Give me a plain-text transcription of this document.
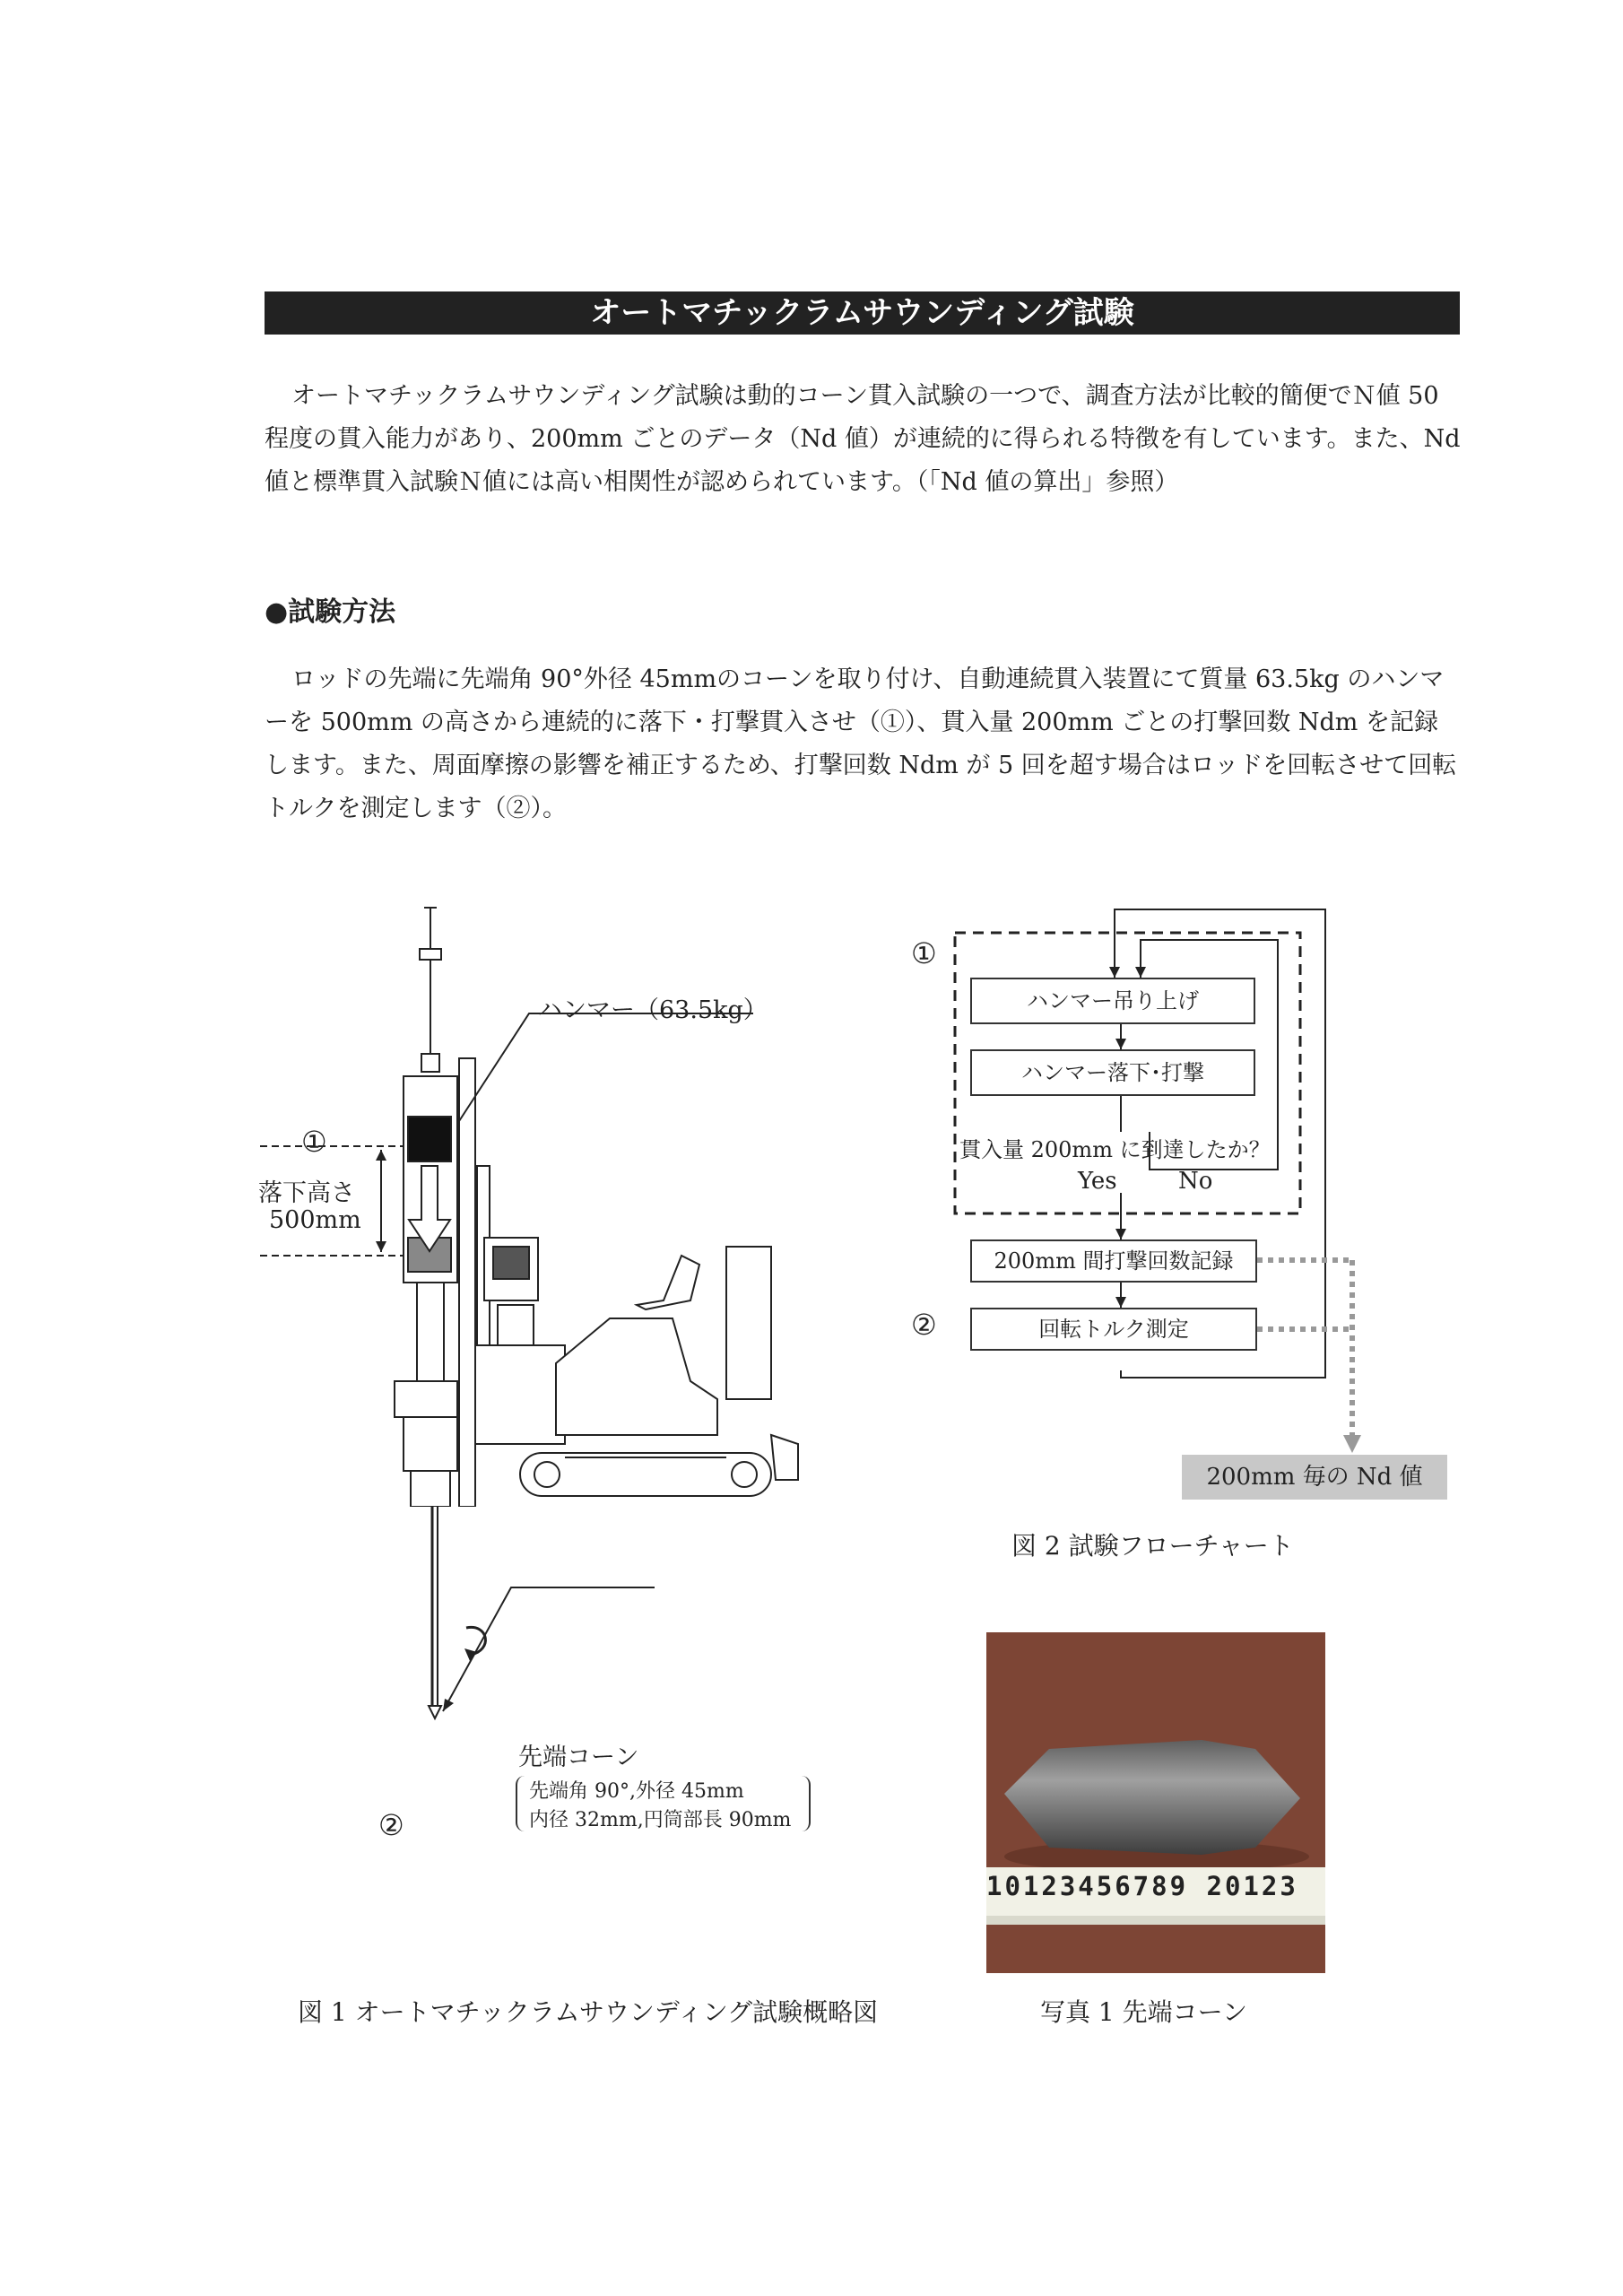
オートマチックラムサウンディング試験
オートマチックラムサウンディング試験は動的コーン貫入試験の一つで、調査方法が比較的簡便でＮ値 50 程度の貫入能力があり、200mm ごとのデータ（Nd 値）が連続的に得られる特徴を有しています。また、Nd 値と標準貫入試験Ｎ値には高い相関性が認められています。（「Nd 値の算出」参照）
●試験方法
ロッドの先端に先端角 90°外径 45mmのコーンを取り付け、自動連続貫入装置にて質量 63.5kg のハンマーを 500mm の高さから連続的に落下・打撃貫入させ（①）、貫入量 200mm ごとの打撃回数 Ndm を記録します。また、周面摩擦の影響を補正するため、打撃回数 Ndm が 5 回を超す場合はロッドを回転させて回転トルクを測定します（②）。
ハンマー（63.5kg）
①
落下高さ
500mm
②
先端コーン
先端角 90°,外径 45mm
内径 32mm,円筒部長 90mm
図 1 オートマチックラムサウンディング試験概略図
①
ハンマー吊り上げ
ハンマー落下･打撃
貫入量 200mm に到達したか？
Yes	No
200mm 間打撃回数記録
②	回転トルク測定
200mm 毎の Nd 値
図 2 試験フローチャート
10123456789 20123
写真 1 先端コーン
